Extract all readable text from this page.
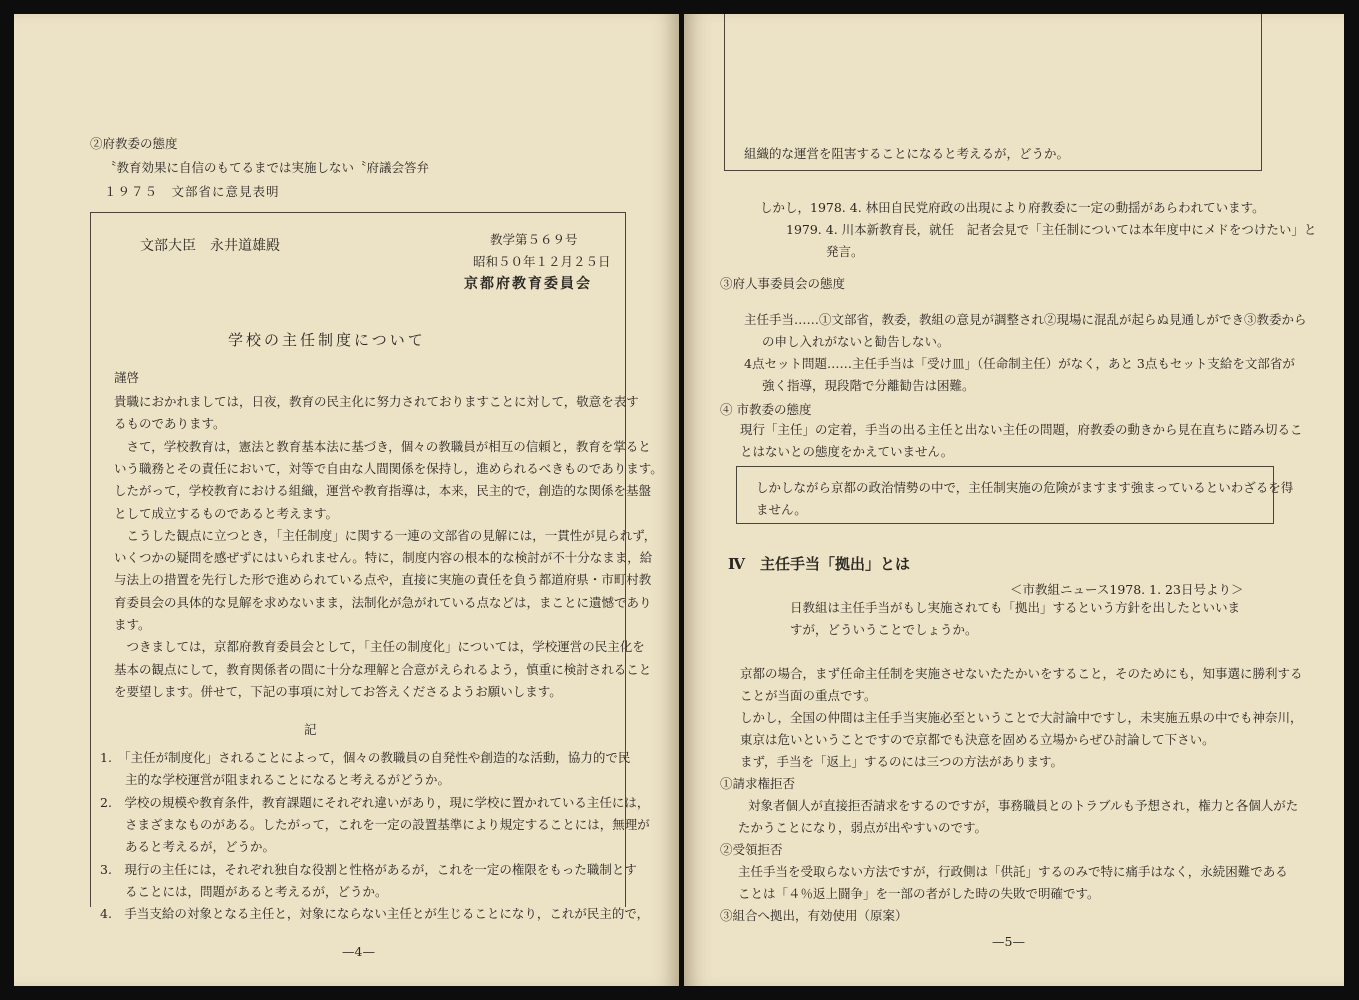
②府教委の態度
〝教育効果に自信のもてるまでは実施しない〝府議会答弁
１９７５　文部省に意見表明
文部大臣　永井道雄殿	教学第５６９号
昭和５０年１２月２５日
京都府教育委員会
学校の主任制度について
謹啓
貴職におかれましては，日夜，教育の民主化に努力されておりますことに対して，敬意を表す
るものであります。
　さて，学校教育は，憲法と教育基本法に基づき，個々の教職員が相互の信頼と，教育を掌ると
いう職務とその責任において，対等で自由な人間関係を保持し，進められるべきものであります。
したがって，学校教育における組織，運営や教育指導は，本来，民主的で，創造的な関係を基盤
として成立するものであると考えます。
　こうした観点に立つとき，「主任制度」に関する一連の文部省の見解には，一貫性が見られず，
いくつかの疑問を感ぜずにはいられません。特に，制度内容の根本的な検討が不十分なまま，給
与法上の措置を先行した形で進められている点や，直接に実施の責任を負う都道府県・市町村教
育委員会の具体的な見解を求めないまま，法制化が急がれている点などは，まことに遺憾であり
ます。
　つきましては，京都府教育委員会として，「主任の制度化」については，学校運営の民主化を
基本の観点にして，教育関係者の間に十分な理解と合意がえられるよう，慎重に検討されること
を要望します。併せて，下記の事項に対してお答えくださるようお願いします。
記
1.　「主任が制度化」されることによって，個々の教職員の自発性や創造的な活動，協力的で民
　　主的な学校運営が阻まれることになると考えるがどうか。
2.　学校の規模や教育条件，教育課題にそれぞれ違いがあり，現に学校に置かれている主任には，
　　さまざまなものがある。したがって，これを一定の設置基準により規定することには，無理が
　　あると考えるが，どうか。
3.　現行の主任には，それぞれ独自な役割と性格があるが，これを一定の権限をもった職制とす
　　ることには，問題があると考えるが，どうか。
4.　手当支給の対象となる主任と，対象にならない主任とが生じることになり，これが民主的で，
—4—
組織的な運営を阻害することになると考えるが，どうか。
しかし，1978. 4. 林田自民党府政の出現により府教委に一定の動揺があらわれています。
1979. 4. 川本新教育長，就任　記者会見で「主任制については本年度中にメドをつけたい」と
発言。
③府人事委員会の態度
主任手当……①文部省，教委，教組の意見が調整され②現場に混乱が起らぬ見通しができ③教委から
の申し入れがないと勧告しない。
4点セット問題……主任手当は「受け皿」（任命制主任）がなく，あと 3点もセット支給を文部省が
強く指導，現段階で分離勧告は困難。
④ 市教委の態度
現行「主任」の定着，手当の出る主任と出ない主任の問題，府教委の動きから見在直ちに踏み切るこ
とはないとの態度をかえていません。
しかしながら京都の政治情勢の中で，主任制実施の危険がますます強まっているといわざるを得
ません。
Ⅳ　主任手当「拠出」とは
＜市教組ニュース1978. 1. 23日号より＞
日教組は主任手当がもし実施されても「拠出」するという方針を出したといいま
すが，どういうことでしょうか。
京都の場合，まず任命主任制を実施させないたたかいをすること，そのためにも，知事選に勝利する
ことが当面の重点です。
しかし，全国の仲間は主任手当実施必至ということで大討論中ですし，未実施五県の中でも神奈川，
東京は危いということですので京都でも決意を固める立場からぜひ討論して下さい。
まず，手当を「返上」するのには三つの方法があります。
①請求権拒否
対象者個人が直接拒否請求をするのですが，事務職員とのトラブルも予想され，権力と各個人がた
たかうことになり，弱点が出やすいのです。
②受領拒否
主任手当を受取らない方法ですが，行政側は「供託」するのみで特に痛手はなく，永続困難である
ことは「４％返上闘争」を一部の者がした時の失敗で明確です。
③組合へ拠出，有効使用（原案）
—5—
